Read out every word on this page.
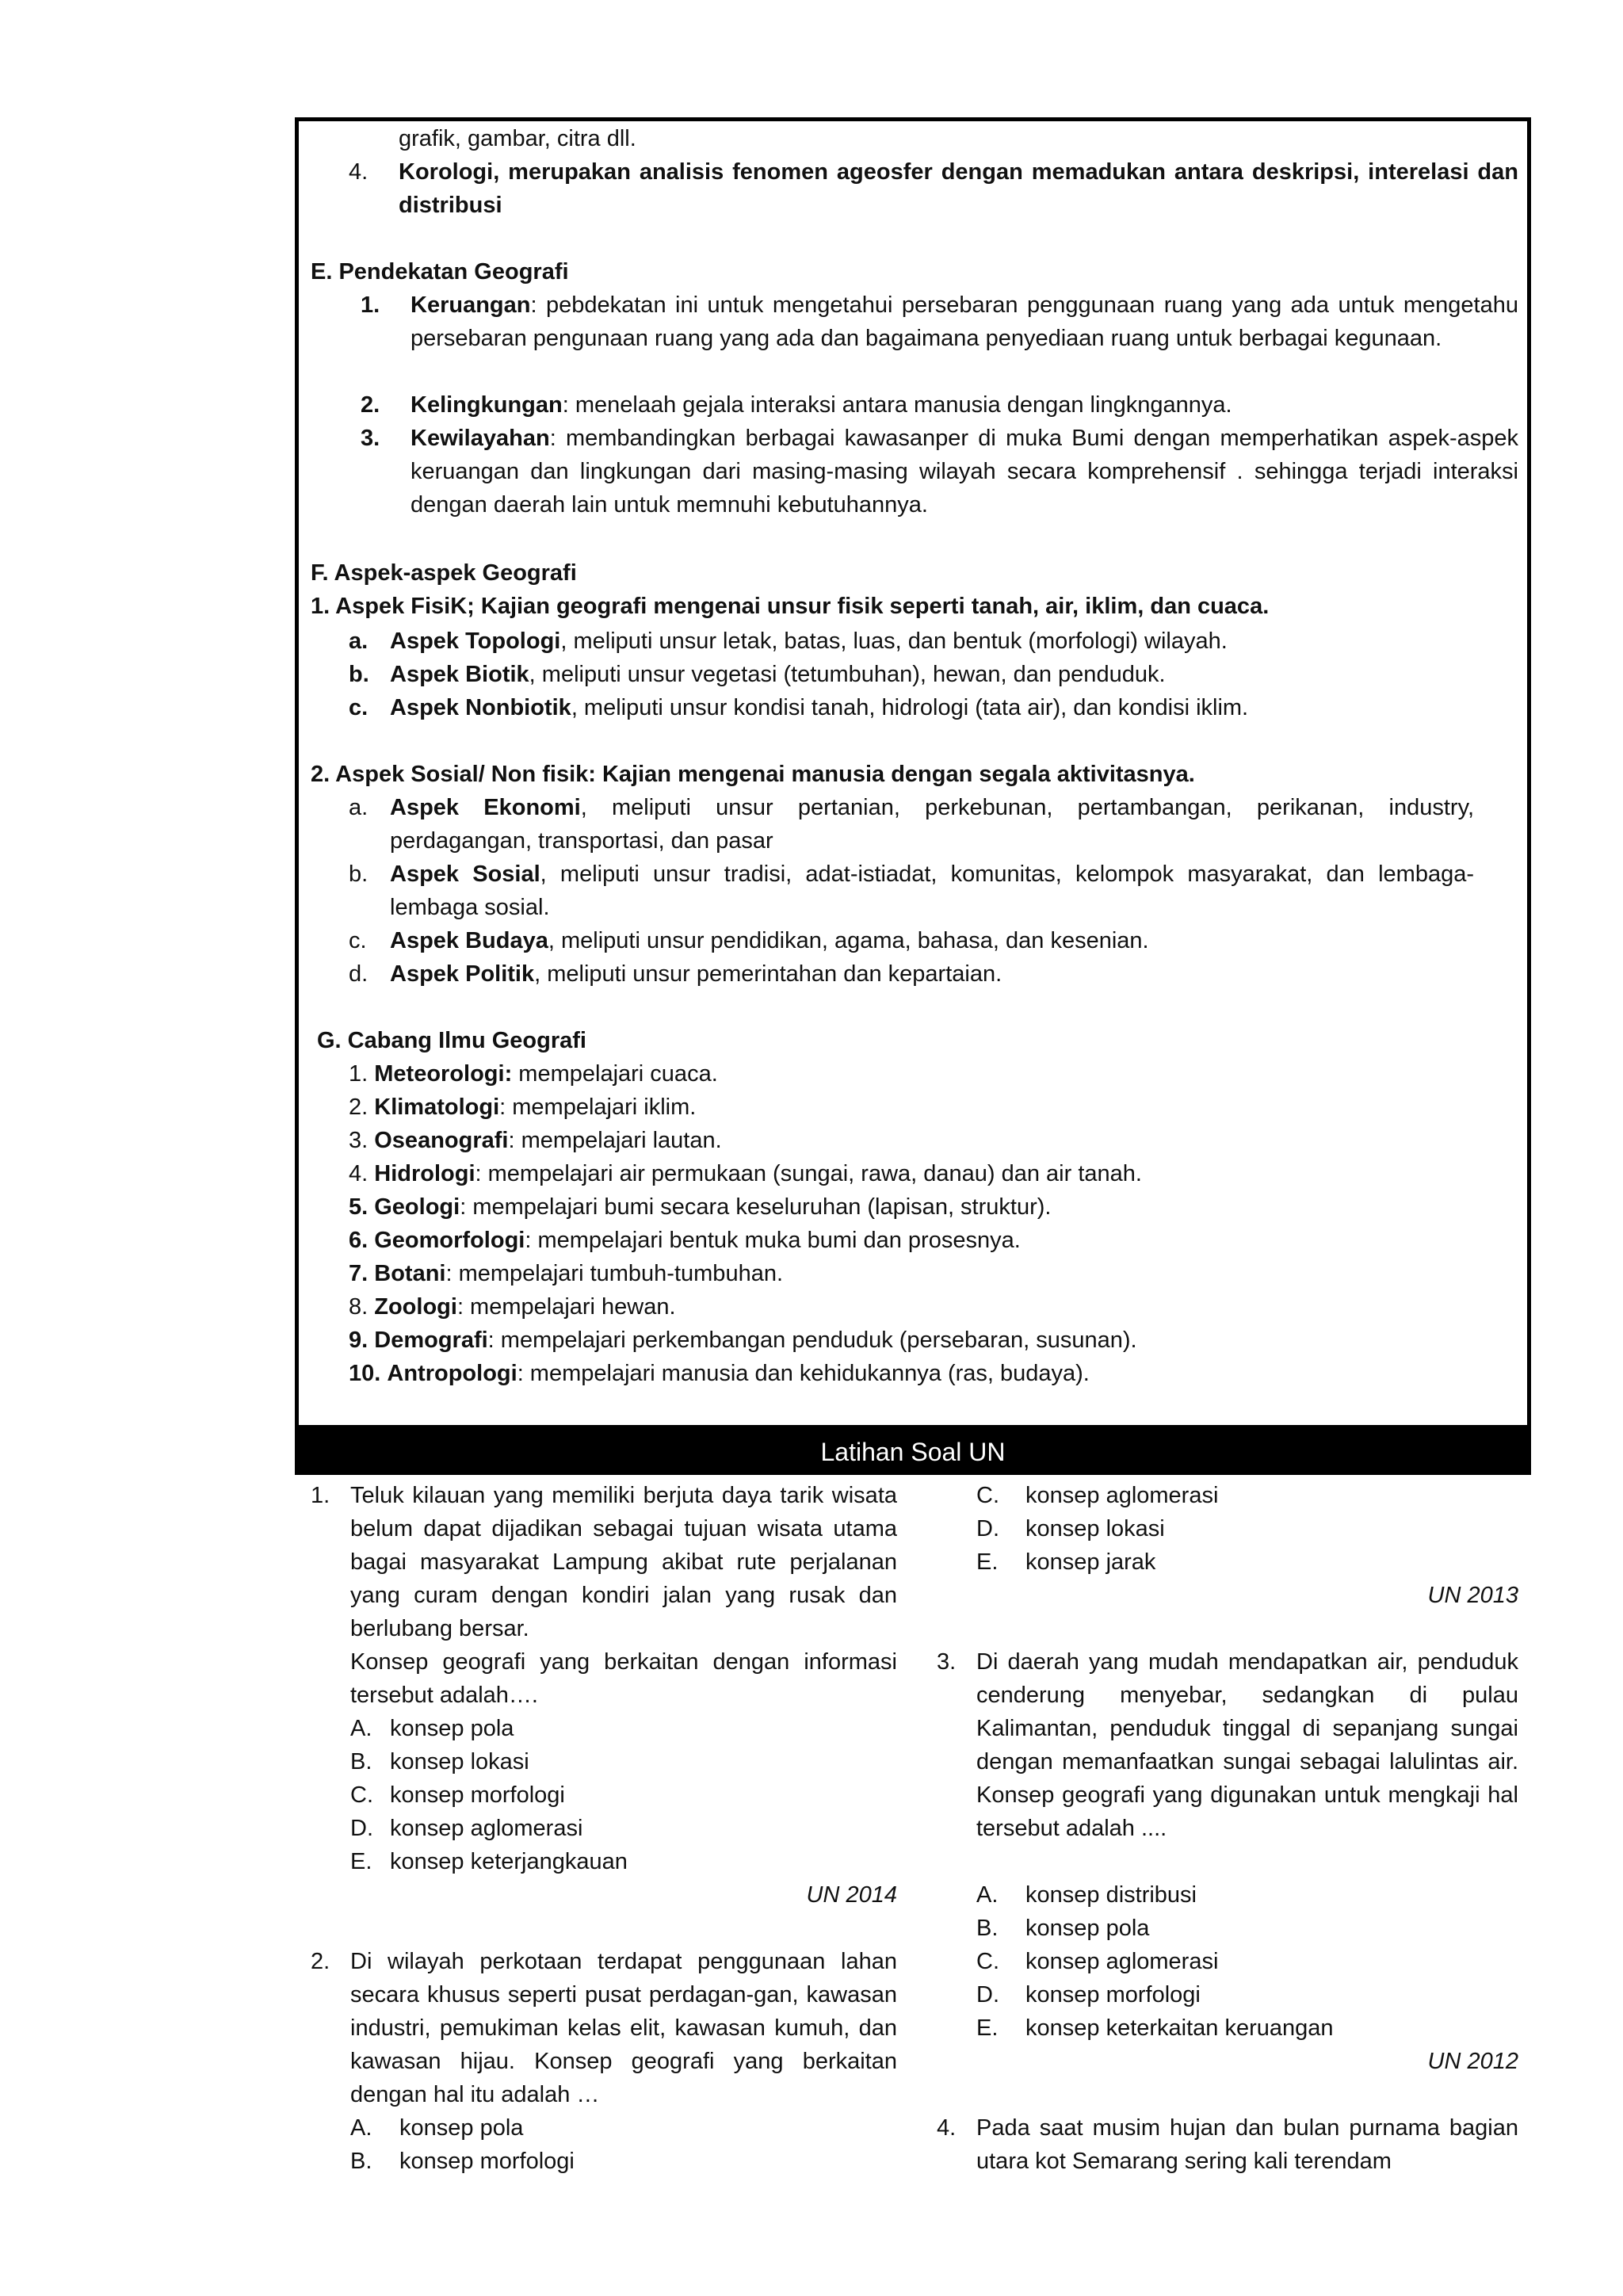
grafik, gambar, citra dll.
4. Korologi, merupakan analisis fenomen ageosfer dengan memadukan antara deskripsi, interelasi dan distribusi
E. Pendekatan Geografi
1. Keruangan: pebdekatan ini untuk mengetahui persebaran penggunaan ruang yang ada untuk mengetahu persebaran pengunaan ruang yang ada dan bagaimana penyediaan ruang untuk berbagai kegunaan.
2. Kelingkungan: menelaah gejala interaksi antara manusia dengan lingkngannya.
3. Kewilayahan: membandingkan berbagai kawasanper di muka Bumi dengan memperhatikan aspek-aspek keruangan dan lingkungan dari masing-masing wilayah secara komprehensif . sehingga terjadi interaksi dengan daerah lain untuk memnuhi kebutuhannya.
F. Aspek-aspek Geografi
1. Aspek FisiK; Kajian geografi mengenai unsur fisik seperti tanah, air, iklim, dan cuaca.
a. Aspek Topologi, meliputi unsur letak, batas, luas, dan bentuk (morfologi) wilayah.
b. Aspek Biotik, meliputi unsur vegetasi (tetumbuhan), hewan, dan penduduk.
c. Aspek Nonbiotik, meliputi unsur kondisi tanah, hidrologi (tata air), dan kondisi iklim.
2. Aspek Sosial/ Non fisik: Kajian mengenai manusia dengan segala aktivitasnya.
a. Aspek Ekonomi, meliputi unsur pertanian, perkebunan, pertambangan, perikanan, industry, perdagangan, transportasi, dan pasar
b. Aspek Sosial, meliputi unsur tradisi, adat-istiadat, komunitas, kelompok masyarakat, dan lembaga- lembaga sosial.
c. Aspek Budaya, meliputi unsur pendidikan, agama, bahasa, dan kesenian.
d. Aspek Politik, meliputi unsur pemerintahan dan kepartaian.
G. Cabang Ilmu Geografi
1. Meteorologi: mempelajari cuaca.
2. Klimatologi: mempelajari iklim.
3. Oseanografi: mempelajari lautan.
4. Hidrologi: mempelajari air permukaan (sungai, rawa, danau) dan air tanah.
5. Geologi: mempelajari bumi secara keseluruhan (lapisan, struktur).
6. Geomorfologi: mempelajari bentuk muka bumi dan prosesnya.
7. Botani: mempelajari tumbuh-tumbuhan.
8. Zoologi: mempelajari hewan.
9. Demografi: mempelajari perkembangan penduduk (persebaran, susunan).
10. Antropologi: mempelajari manusia dan kehidukannya (ras, budaya).
Latihan Soal UN
1. Teluk kilauan yang memiliki berjuta daya tarik wisata belum dapat dijadikan sebagai tujuan wisata utama bagai masyarakat Lampung akibat rute perjalanan yang curam dengan kondiri jalan yang rusak dan berlubang bersar.
Konsep geografi yang berkaitan dengan informasi tersebut adalah….
A. konsep pola
B. konsep lokasi
C. konsep morfologi
D. konsep aglomerasi
E. konsep keterjangkauan
UN 2014
2. Di wilayah perkotaan terdapat penggunaan lahan secara khusus seperti pusat perdagan-gan, kawasan industri, pemukiman kelas elit, kawasan kumuh, dan kawasan hijau. Konsep geografi yang berkaitan dengan hal itu adalah …
A. konsep pola
B. konsep morfologi
C. konsep aglomerasi
D. konsep lokasi
E. konsep jarak
UN 2013
3. Di daerah yang mudah mendapatkan air, penduduk cenderung menyebar, sedangkan di pulau Kalimantan, penduduk tinggal di sepanjang sungai dengan memanfaatkan sungai sebagai lalulintas air. Konsep geografi yang digunakan untuk mengkaji hal tersebut adalah ....
A. konsep distribusi
B. konsep pola
C. konsep aglomerasi
D. konsep morfologi
E. konsep keterkaitan keruangan
UN 2012
4. Pada saat musim hujan dan bulan purnama bagian utara kot Semarang sering kali terendam
